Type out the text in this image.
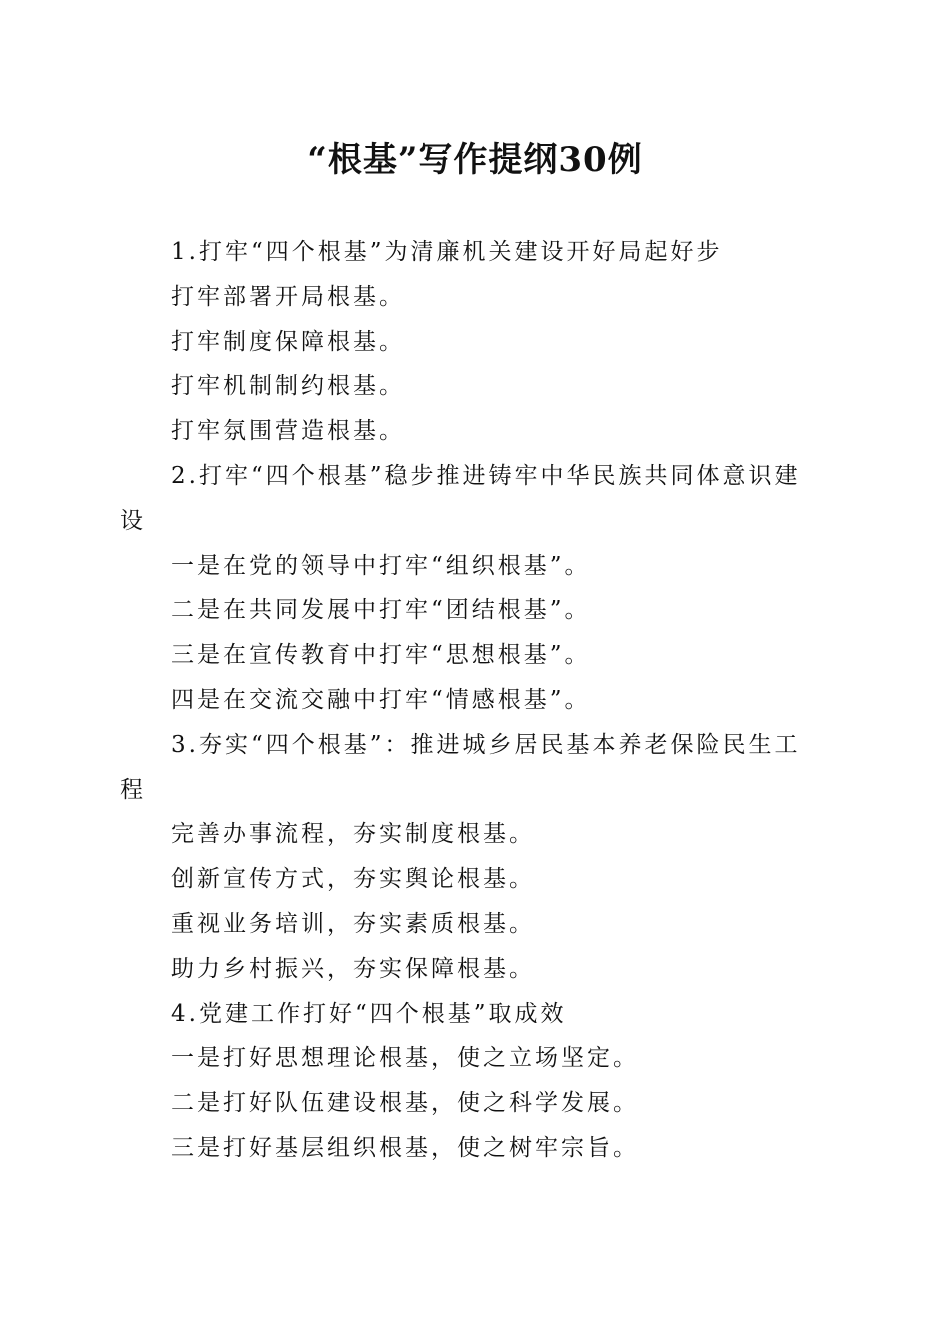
“根基”写作提纲30例

1.打牢“四个根基”为清廉机关建设开好局起好步

打牢部署开局根基。

打牢制度保障根基。

打牢机制制约根基。

打牢氛围营造根基。

2.打牢“四个根基”稳步推进铸牢中华民族共同体意识建

设

一是在党的领导中打牢“组织根基”。

二是在共同发展中打牢“团结根基”。

三是在宣传教育中打牢“思想根基”。

四是在交流交融中打牢“情感根基”。

3.夯实“四个根基”：推进城乡居民基本养老保险民生工

程

完善办事流程，夯实制度根基。

创新宣传方式，夯实舆论根基。

重视业务培训，夯实素质根基。

助力乡村振兴，夯实保障根基。

4.党建工作打好“四个根基”取成效

一是打好思想理论根基，使之立场坚定。

二是打好队伍建设根基，使之科学发展。

三是打好基层组织根基，使之树牢宗旨。
